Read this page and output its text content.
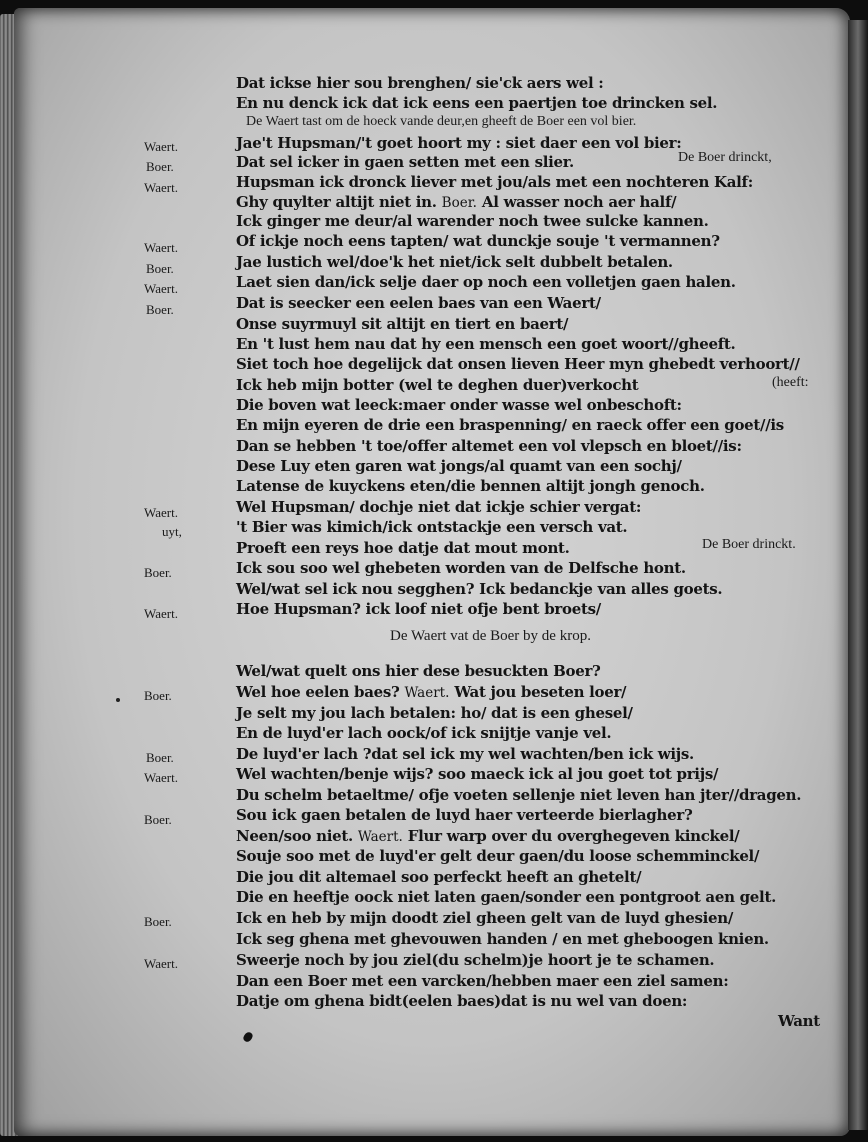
Dat ickse hier sou brenghen/ sie'ck aers wel :
En nu denck ick dat ick eens een paertjen toe drincken sel.
De Waert tast om de hoeck vande deur,en gheeft de Boer een vol bier.
Waert.	Jae't Hupsman/'t goet hoort my : siet daer een vol bier:
Boer.	Dat sel icker in gaen setten met een slier.	De Boer drinckt,
Waert.	Hupsman ick dronck liever met jou/als met een nochteren Kalf:
Ghy quylter altijt niet in. Boer. Al wasser noch aer half/
Ick ginger me deur/al warender noch twee sulcke kannen.
Waert.	Of ickje noch eens tapten/ wat dunckje souje 't vermannen?
Boer.	Jae lustich wel/doe'k het niet/ick selt dubbelt betalen.
Waert.	Laet sien dan/ick selje daer op noch een volletjen gaen halen.
Boer.	Dat is seecker een eelen baes van een Waert/
Onse suyrmuyl sit altijt en tiert en baert/
En 't lust hem nau dat hy een mensch een goet woort//gheeft.
Siet toch hoe degelijck dat onsen lieven Heer myn ghebedt verhoort//
Ick heb mijn botter (wel te deghen duer)verkocht	(heeft:
Die boven wat leeck:maer onder wasse wel onbeschoft:
En mijn eyeren de drie een braspenning/ en raeck offer een goet//is
Dan se hebben 't toe/offer altemet een vol vlepsch en bloet//is:
Dese Luy eten garen wat jongs/al quamt van een sochj/
Latense de kuyckens eten/die bennen altijt jongh genoch.
Waert.	Wel Hupsman/ dochje niet dat ickje schier vergat:
uyt,	't Bier was kimich/ick ontstackje een versch vat.
Proeft een reys hoe datje dat mout mont.	De Boer drinckt.
Boer.	Ick sou soo wel ghebeten worden van de Delfsche hont.
Wel/wat sel ick nou segghen? Ick bedanckje van alles goets.
Waert.	Hoe Hupsman? ick loof niet ofje bent broets/
De Waert vat de Boer by de krop.
Wel/wat quelt ons hier dese besuckten Boer?
Boer.	Wel hoe eelen baes? Waert. Wat jou beseten loer/
Je selt my jou lach betalen: ho/ dat is een ghesel/
En de luyd'er lach oock/of ick snijtje vanje vel.
Boer.	De luyd'er lach ?dat sel ick my wel wachten/ben ick wijs.
Waert.	Wel wachten/benje wijs? soo maeck ick al jou goet tot prijs/
Du schelm betaeltme/ ofje voeten sellenje niet leven han jter//dragen.
Boer.	Sou ick gaen betalen de luyd haer verteerde bierlagher?
Neen/soo niet. Waert. Flur warp over du overghegeven kinckel/
Souje soo met de luyd'er gelt deur gaen/du loose schemminckel/
Die jou dit altemael soo perfeckt heeft an ghetelt/
Die en heeftje oock niet laten gaen/sonder een pontgroot aen gelt.
Boer.	Ick en heb by mijn doodt ziel gheen gelt van de luyd ghesien/
Ick seg ghena met ghevouwen handen / en met gheboogen knien.
Waert.	Sweerje noch by jou ziel(du schelm)je hoort je te schamen.
Dan een Boer met een varcken/hebben maer een ziel samen:
Datje om ghena bidt(eelen baes)dat is nu wel van doen:
Want
